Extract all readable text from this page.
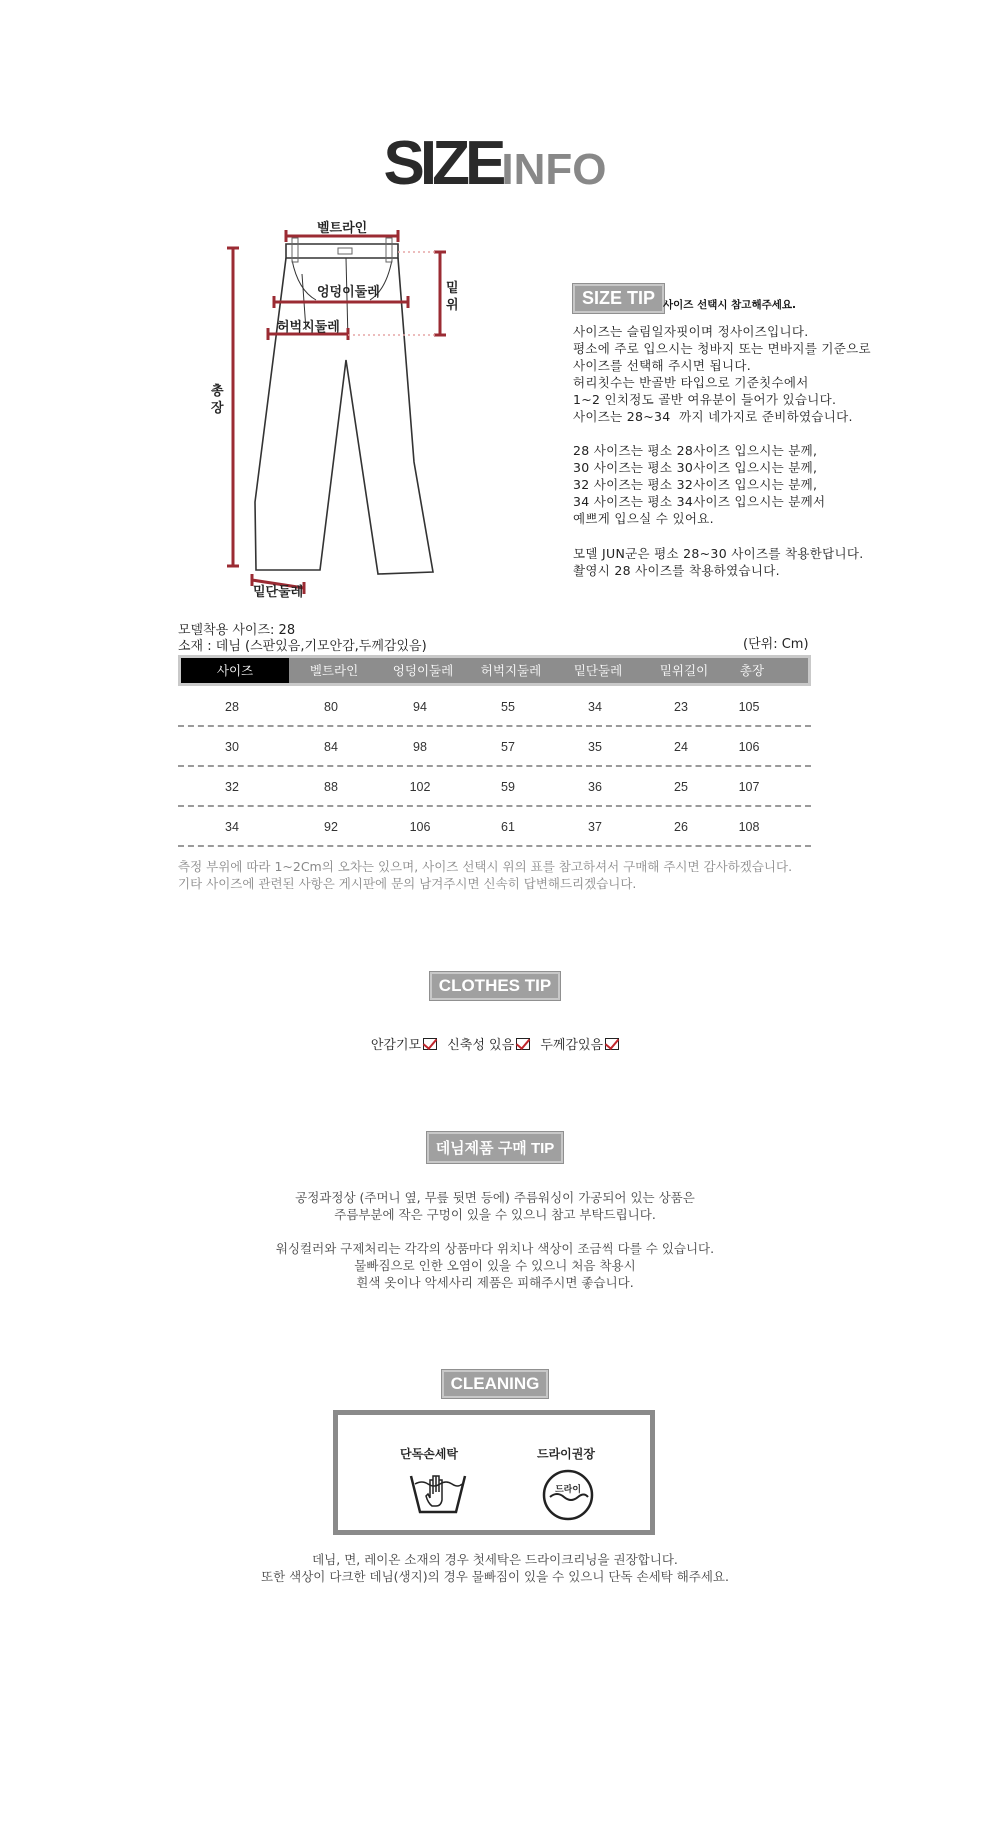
SIZEINFO
벨트라인
엉덩이둘레
허벅지둘레
밑위
총장
밑단둘레
SIZE TIP 사이즈 선택시 참고해주세요.
사이즈는 슬림일자핏이며 정사이즈입니다.
평소에 주로 입으시는 청바지 또는 면바지를 기준으로
사이즈를 선택해 주시면 됩니다.
허리칫수는 반골반 타입으로 기준칫수에서
1~2 인치정도 골반 여유분이 들어가 있습니다.
사이즈는 28~34  까지 네가지로 준비하였습니다.
28 사이즈는 평소 28사이즈 입으시는 분께,
30 사이즈는 평소 30사이즈 입으시는 분께,
32 사이즈는 평소 32사이즈 입으시는 분께,
34 사이즈는 평소 34사이즈 입으시는 분께서
예쁘게 입으실 수 있어요.
모델 JUN군은 평소 28~30 사이즈를 착용한답니다.
촬영시 28 사이즈를 착용하였습니다.
모델착용 사이즈: 28
소재 : 데님 (스판있음,기모안감,두께감있음)	(단위: Cm)
사이즈	벨트라인	엉덩이둘레	허벅지둘레	밑단둘레	밑위길이	총장
28	80	94	55	34	23	105
30	84	98	57	35	24	106
32	88	102	59	36	25	107
34	92	106	61	37	26	108
측정 부위에 따라 1~2Cm의 오차는 있으며, 사이즈 선택시 위의 표를 참고하셔서 구매해 주시면 감사하겠습니다.
기타 사이즈에 관련된 사항은 게시판에 문의 남겨주시면 신속히 답변해드리겠습니다.
CLOTHES TIP
안감기모 신축성 있음 두께감있음
데님제품 구매 TIP
공정과정상 (주머니 옆, 무릎 뒷면 등에) 주름워싱이 가공되어 있는 상품은
주름부분에 작은 구멍이 있을 수 있으니 참고 부탁드립니다.
워싱컬러와 구제처리는 각각의 상품마다 위치나 색상이 조금씩 다를 수 있습니다.
물빠짐으로 인한 오염이 있을 수 있으니 처음 착용시
흰색 옷이나 악세사리 제품은 피해주시면 좋습니다.
CLEANING
단독손세탁	드라이권장
드라이
데님, 면, 레이온 소재의 경우 첫세탁은 드라이크리닝을 권장합니다.
또한 색상이 다크한 데님(생지)의 경우 물빠짐이 있을 수 있으니 단독 손세탁 해주세요.
